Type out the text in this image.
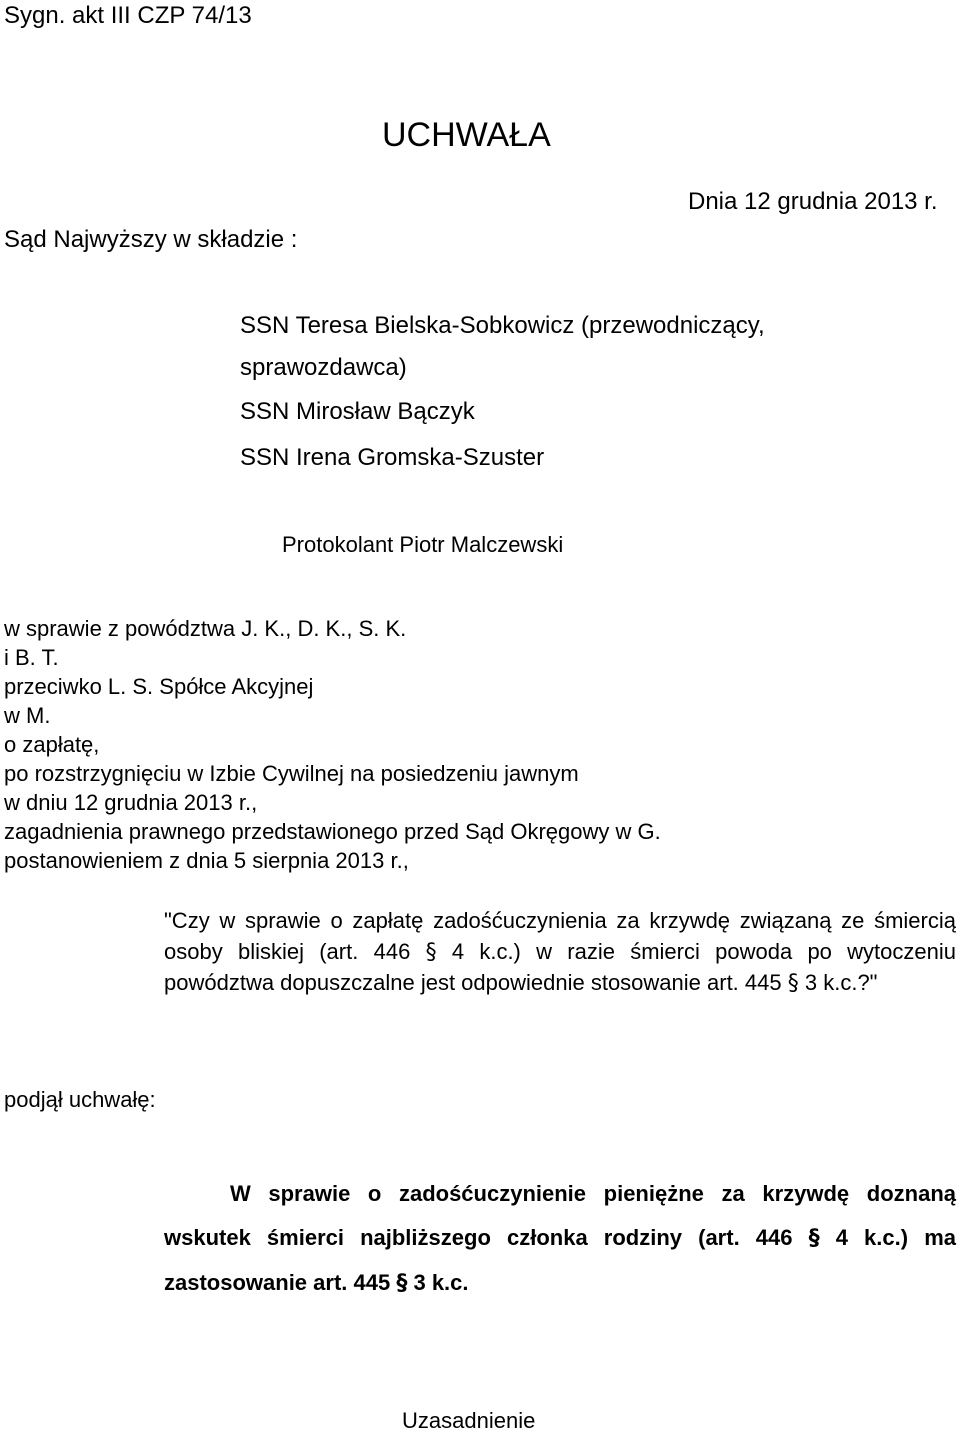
Sygn. akt III CZP 74/13
UCHWAŁA
Sąd Najwyższy w składzie :
Dnia 12 grudnia 2013 r.
SSN Teresa Bielska-Sobkowicz (przewodniczący,
sprawozdawca)
SSN Mirosław Bączyk
SSN Irena Gromska-Szuster
Protokolant Piotr Malczewski
w sprawie z powództwa J. K., D. K., S. K.
i B. T.
przeciwko L. S. Spółce Akcyjnej
w M.
o zapłatę,
po rozstrzygnięciu w Izbie Cywilnej na posiedzeniu jawnym
w dniu 12 grudnia 2013 r.,
zagadnienia prawnego przedstawionego przed Sąd Okręgowy w G.
postanowieniem z dnia 5 sierpnia 2013 r.,
"Czy w sprawie o zapłatę zadośćuczynienia za krzywdę związaną ze śmiercią osoby bliskiej (art. 446 § 4 k.c.) w razie śmierci powoda po wytoczeniu powództwa dopuszczalne jest odpowiednie stosowanie art. 445 § 3 k.c.?"
podjął uchwałę:
W sprawie o zadośćuczynienie pieniężne za krzywdę doznaną wskutek śmierci najbliższego członka rodziny (art. 446 § 4 k.c.) ma zastosowanie art. 445 § 3 k.c.
Uzasadnienie
